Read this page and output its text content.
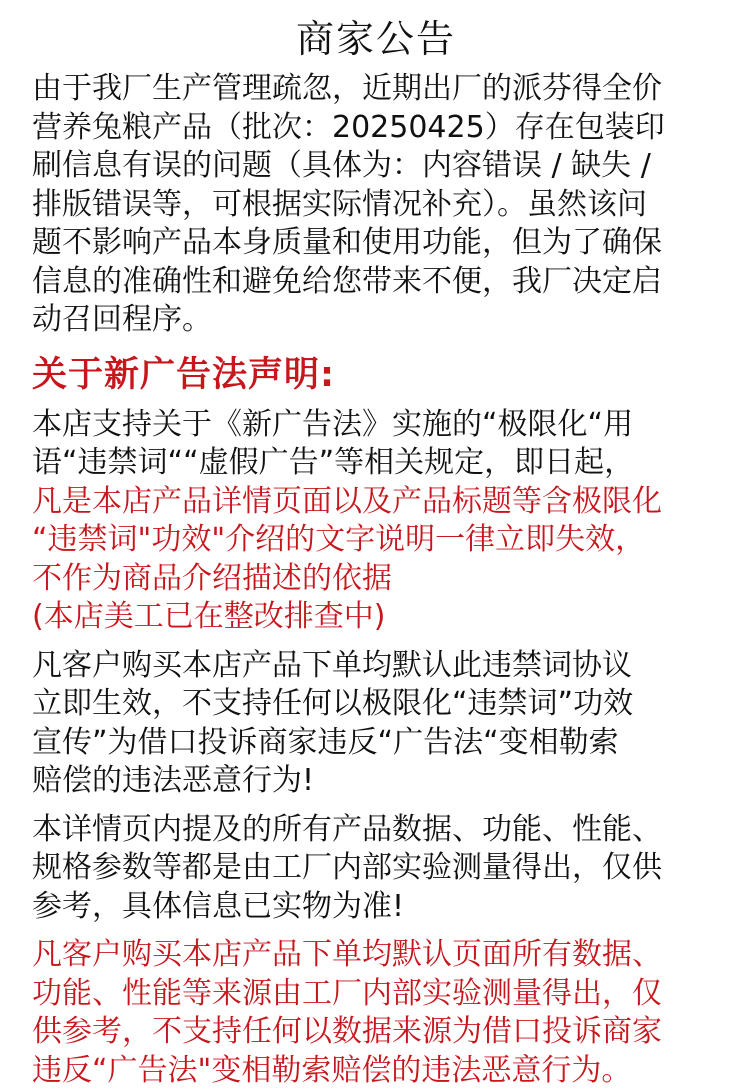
商家公告

由于我厂生产管理疏忽，近期出厂的派芬得全价
营养兔粮产品（批次：20250425）存在包装印
刷信息有误的问题（具体为：内容错误 / 缺失 /
排版错误等，可根据实际情况补充）。虽然该问
题不影响产品本身质量和使用功能，但为了确保
信息的准确性和避免给您带来不便，我厂决定启
动召回程序。

关于新广告法声明:

本店支持关于《新广告法》实施的“极限化“用
语“违禁词““虚假广告”等相关规定，即日起，
凡是本店产品详情页面以及产品标题等含极限化
“违禁词"功效"介绍的文字说明一律立即失效，
不作为商品介绍描述的依据
(本店美工已在整改排查中)

凡客户购买本店产品下单均默认此违禁词协议
立即生效，不支持任何以极限化“违禁词”功效
宣传”为借口投诉商家违反“广告法“变相勒索
赔偿的违法恶意行为!

本详情页内提及的所有产品数据、功能、性能、
规格参数等都是由工厂内部实验测量得出，仅供
参考，具体信息已实物为准!

凡客户购买本店产品下单均默认页面所有数据、
功能、性能等来源由工厂内部实验测量得出，仅
供参考，不支持任何以数据来源为借口投诉商家
违反“广告法"变相勒索赔偿的违法恶意行为。
